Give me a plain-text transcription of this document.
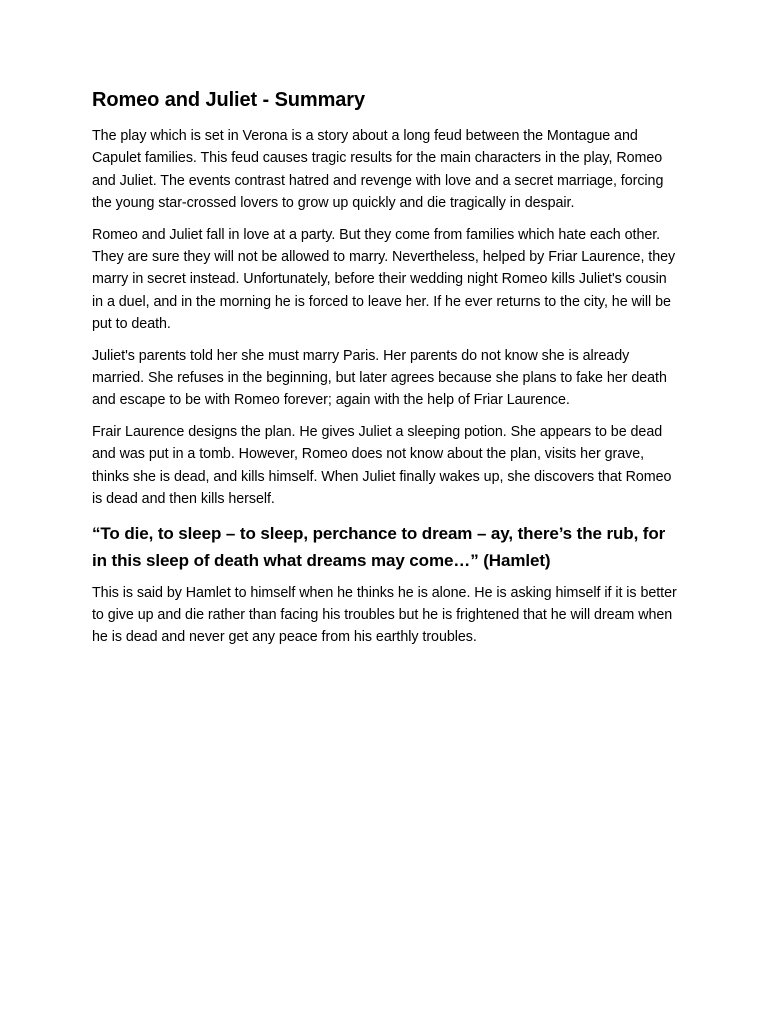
Romeo and Juliet - Summary

The play which is set in Verona is a story about a long feud between the Montague and Capulet families. This feud causes tragic results for the main characters in the play, Romeo and Juliet. The events contrast hatred and revenge with love and a secret marriage, forcing the young star-crossed lovers to grow up quickly and die tragically in despair.

Romeo and Juliet fall in love at a party. But they come from families which hate each other. They are sure they will not be allowed to marry. Nevertheless, helped by Friar Laurence, they marry in secret instead. Unfortunately, before their wedding night Romeo kills Juliet's cousin in a duel, and in the morning he is forced to leave her. If he ever returns to the city, he will be put to death.

Juliet's parents told her she must marry Paris. Her parents do not know she is already married. She refuses in the beginning, but later agrees because she plans to fake her death and escape to be with Romeo forever; again with the help of Friar Laurence.

Frair Laurence designs the plan. He gives Juliet a sleeping potion. She appears to be dead and was put in a tomb. However, Romeo does not know about the plan, visits her grave, thinks she is dead, and kills himself. When Juliet finally wakes up, she discovers that Romeo is dead and then kills herself.

“To die, to sleep – to sleep, perchance to dream – ay, there’s the rub, for in this sleep of death what dreams may come…” (Hamlet)

This is said by Hamlet to himself when he thinks he is alone. He is asking himself if it is better to give up and die rather than facing his troubles but he is frightened that he will dream when he is dead and never get any peace from his earthly troubles.
